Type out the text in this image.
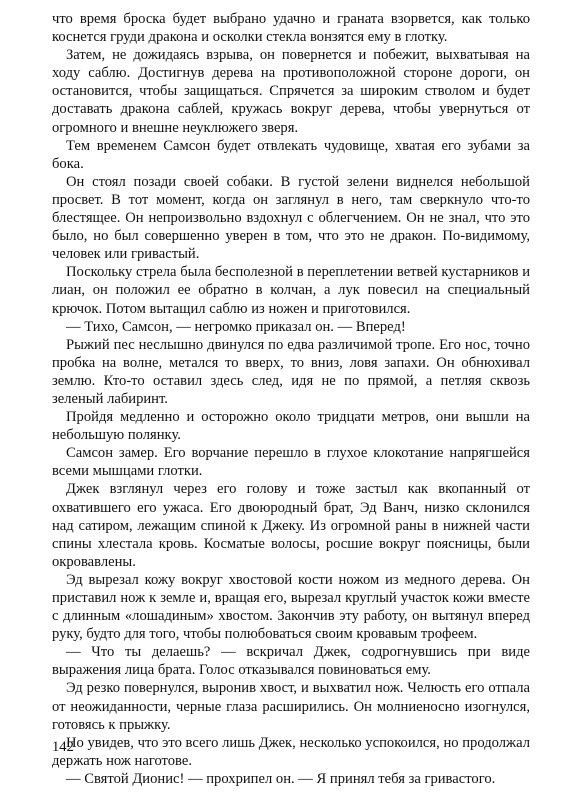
что время броска будет выбрано удачно и граната взорвется, как только коснется груди дракона и осколки стекла вонзятся ему в глотку.

Затем, не дожидаясь взрыва, он повернется и побежит, выхватывая на ходу саблю. Достигнув дерева на противоположной стороне дороги, он остановится, чтобы защищаться. Спрячется за широким стволом и будет доставать дракона саблей, кружась вокруг дерева, чтобы увернуться от огромного и внешне неуклюжего зверя.

Тем временем Самсон будет отвлекать чудовище, хватая его зубами за бока.

Он стоял позади своей собаки. В густой зелени виднелся небольшой просвет. В тот момент, когда он заглянул в него, там сверкнуло что-то блестящее. Он непроизвольно вздохнул с облегчением. Он не знал, что это было, но был совершенно уверен в том, что это не дракон. По-видимому, человек или гривастый.

Поскольку стрела была бесполезной в переплетении ветвей кустарников и лиан, он положил ее обратно в колчан, а лук повесил на специальный крючок. Потом вытащил саблю из ножен и приготовился.

— Тихо, Самсон, — негромко приказал он. — Вперед!

Рыжий пес неслышно двинулся по едва различимой тропе. Его нос, точно пробка на волне, метался то вверх, то вниз, ловя запахи. Он обнюхивал землю. Кто-то оставил здесь след, идя не по прямой, а петляя сквозь зеленый лабиринт.

Пройдя медленно и осторожно около тридцати метров, они вышли на небольшую полянку.

Самсон замер. Его ворчание перешло в глухое клокотание напрягшейся всеми мышцами глотки.

Джек взглянул через его голову и тоже застыл как вкопанный от охватившего его ужаса. Его двоюродный брат, Эд Ванч, низко склонился над сатиром, лежащим спиной к Джеку. Из огромной раны в нижней части спины хлестала кровь. Косматые волосы, росшие вокруг поясницы, были окровавлены.

Эд вырезал кожу вокруг хвостовой кости ножом из медного дерева. Он приставил нож к земле и, вращая его, вырезал круглый участок кожи вместе с длинным «лошадиным» хвостом. Закончив эту работу, он вытянул вперед руку, будто для того, чтобы полюбоваться своим кровавым трофеем.

— Что ты делаешь? — вскричал Джек, содрогнувшись при виде выражения лица брата. Голос отказывался повиноваться ему.

Эд резко повернулся, выронив хвост, и выхватил нож. Челюсть его отпала от неожиданности, черные глаза расширились. Он молниеносно изогнулся, готовясь к прыжку.

Но увидев, что это всего лишь Джек, несколько успокоился, но продолжал держать нож наготове.

— Святой Дионис! — прохрипел он. — Я принял тебя за гривастого.

142
